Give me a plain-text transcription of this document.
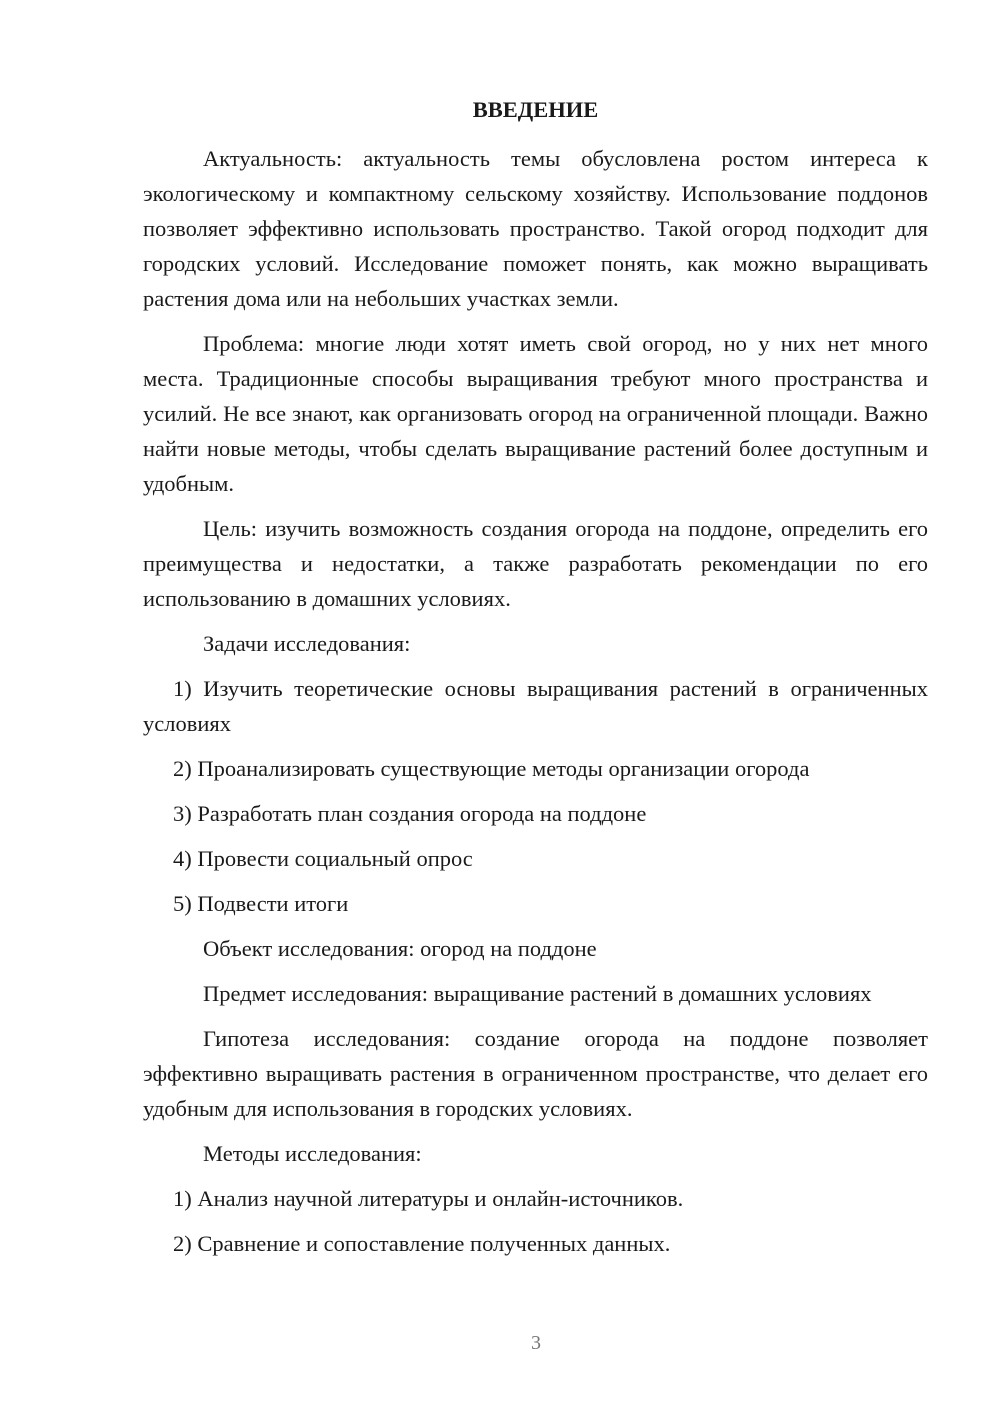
ВВЕДЕНИЕ
Актуальность: актуальность темы обусловлена ростом интереса к экологическому и компактному сельскому хозяйству. Использование поддонов позволяет эффективно использовать пространство. Такой огород подходит для городских условий. Исследование поможет понять, как можно выращивать растения дома или на небольших участках земли.
Проблема: многие люди хотят иметь свой огород, но у них нет много места. Традиционные способы выращивания требуют много пространства и усилий. Не все знают, как организовать огород на ограниченной площади. Важно найти новые методы, чтобы сделать выращивание растений более доступным и удобным.
Цель: изучить возможность создания огорода на поддоне, определить его преимущества и недостатки, а также разработать рекомендации по его использованию в домашних условиях.
Задачи исследования:
1) Изучить теоретические основы выращивания растений в ограниченных условиях
2) Проанализировать существующие методы организации огорода
3) Разработать план создания огорода на поддоне
4) Провести социальный опрос
5) Подвести итоги
Объект исследования: огород на поддоне
Предмет исследования: выращивание растений в домашних условиях
Гипотеза исследования: создание огорода на поддоне позволяет эффективно выращивать растения в ограниченном пространстве, что делает его удобным для использования в городских условиях.
Методы исследования:
1) Анализ научной литературы и онлайн-источников.
2) Сравнение и сопоставление полученных данных.
3
